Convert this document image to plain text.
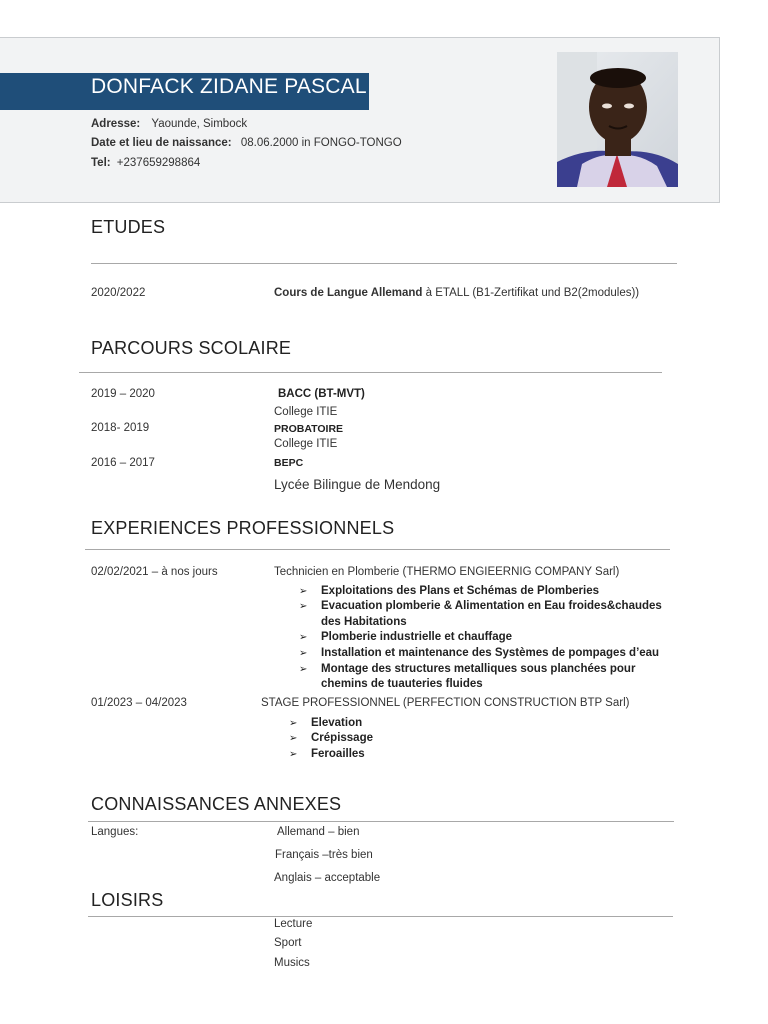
DONFACK ZIDANE PASCAL
Adresse: Yaounde, Simbock
Date et lieu de naissance: 08.06.2000 in FONGO-TONGO
Tel: +237659298864
ETUDES
2020/2022	Cours de Langue Allemand à ETALL (B1-Zertifikat und B2(2modules))
PARCOURS SCOLAIRE
2019 – 2020	BACC (BT-MVT)
College ITIE
2018- 2019	PROBATOIRE
College ITIE
2016 – 2017	BEPC
Lycée Bilingue de Mendong
EXPERIENCES PROFESSIONNELS
02/02/2021 – à nos jours	Technicien en Plomberie (THERMO ENGIEERNIG COMPANY Sarl)
➢ Exploitations des Plans et Schémas de Plomberies
➢ Evacuation plomberie & Alimentation en Eau froides&chaudes
des Habitations
➢ Plomberie industrielle et chauffage
➢ Installation et maintenance des Systèmes de pompages d’eau
➢ Montage des structures metalliques sous planchées pour
chemins de tuauteries fluides
01/2023 – 04/2023	STAGE PROFESSIONNEL (PERFECTION CONSTRUCTION BTP Sarl)
➢ Elevation
➢ Crépissage
➢ Feroailles
CONNAISSANCES ANNEXES
Langues:	Allemand – bien
Français –très bien
Anglais – acceptable
LOISIRS
Lecture
Sport
Musics
